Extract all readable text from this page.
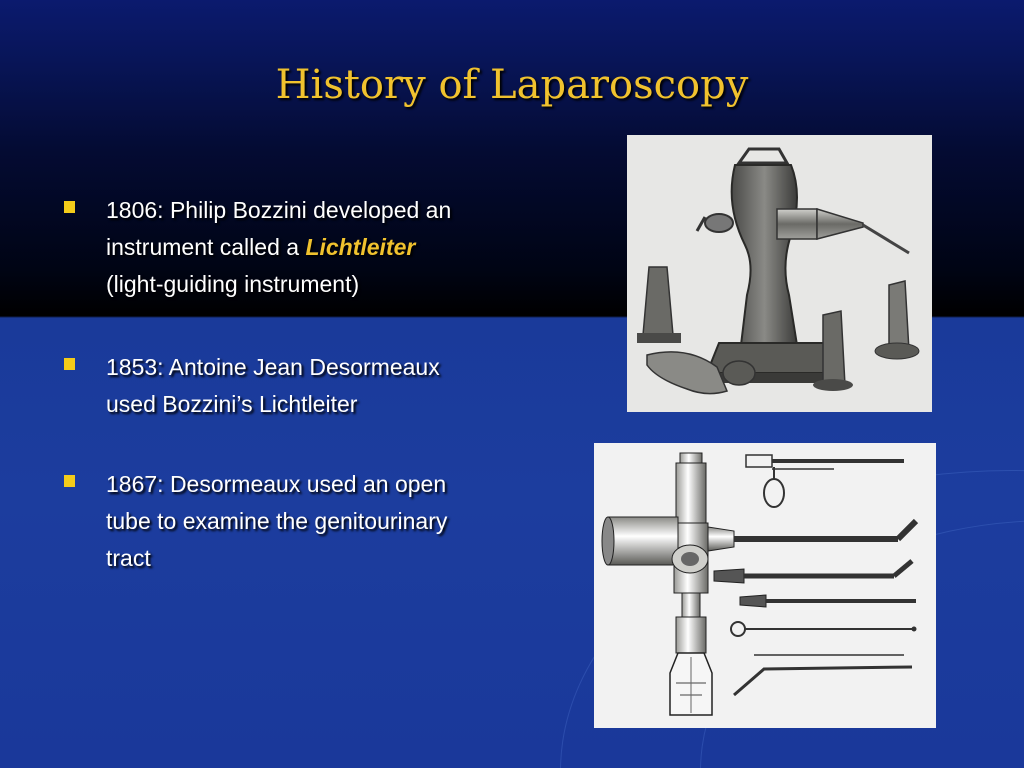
History of Laparoscopy
1806: Philip Bozzini developed an
instrument called a Lichtleiter
(light-guiding instrument)
1853: Antoine Jean Desormeaux
used Bozzini’s Lichtleiter
1867: Desormeaux used an open
tube to examine the genitourinary
tract
